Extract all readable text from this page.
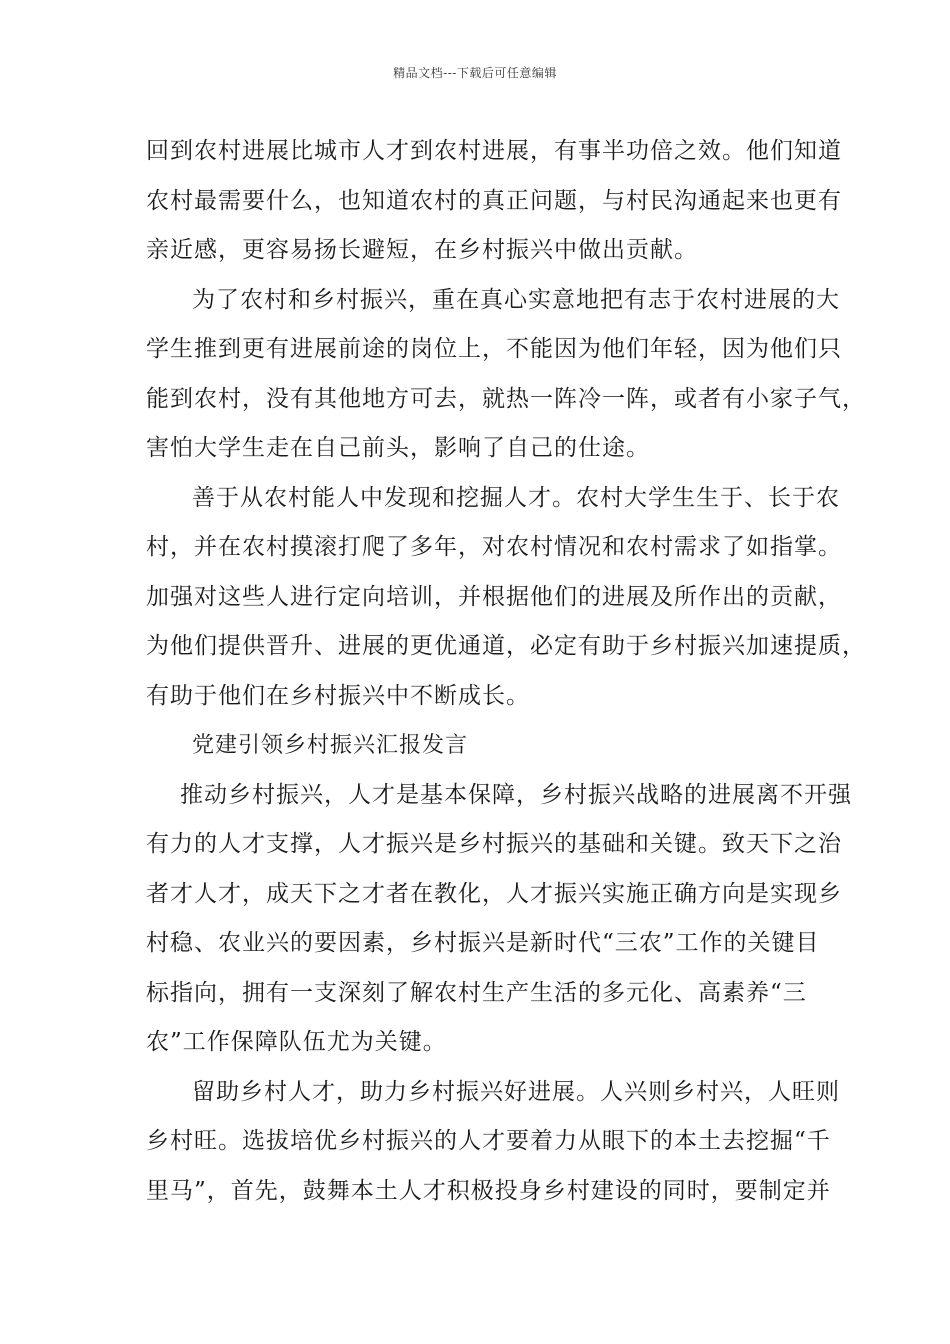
精品文档---下载后可任意编辑
回到农村进展比城市人才到农村进展，有事半功倍之效。他们知道
农村最需要什么，也知道农村的真正问题，与村民沟通起来也更有
亲近感，更容易扬长避短，在乡村振兴中做出贡献。
为了农村和乡村振兴，重在真心实意地把有志于农村进展的大
学生推到更有进展前途的岗位上，不能因为他们年轻，因为他们只
能到农村，没有其他地方可去，就热一阵冷一阵，或者有小家子气，
害怕大学生走在自己前头，影响了自己的仕途。
善于从农村能人中发现和挖掘人才。农村大学生生于、长于农
村，并在农村摸滚打爬了多年，对农村情况和农村需求了如指掌。
加强对这些人进行定向培训，并根据他们的进展及所作出的贡献，
为他们提供晋升、进展的更优通道，必定有助于乡村振兴加速提质，
有助于他们在乡村振兴中不断成长。
党建引领乡村振兴汇报发言
推动乡村振兴，人才是基本保障，乡村振兴战略的进展离不开强
有力的人才支撑，人才振兴是乡村振兴的基础和关键。致天下之治
者才人才，成天下之才者在教化，人才振兴实施正确方向是实现乡
村稳、农业兴的要因素，乡村振兴是新时代“三农”工作的关键目
标指向，拥有一支深刻了解农村生产生活的多元化、高素养“三
农”工作保障队伍尤为关键。
留助乡村人才，助力乡村振兴好进展。人兴则乡村兴，人旺则
乡村旺。选拔培优乡村振兴的人才要着力从眼下的本土去挖掘“千
里马”，首先，鼓舞本土人才积极投身乡村建设的同时，要制定并
